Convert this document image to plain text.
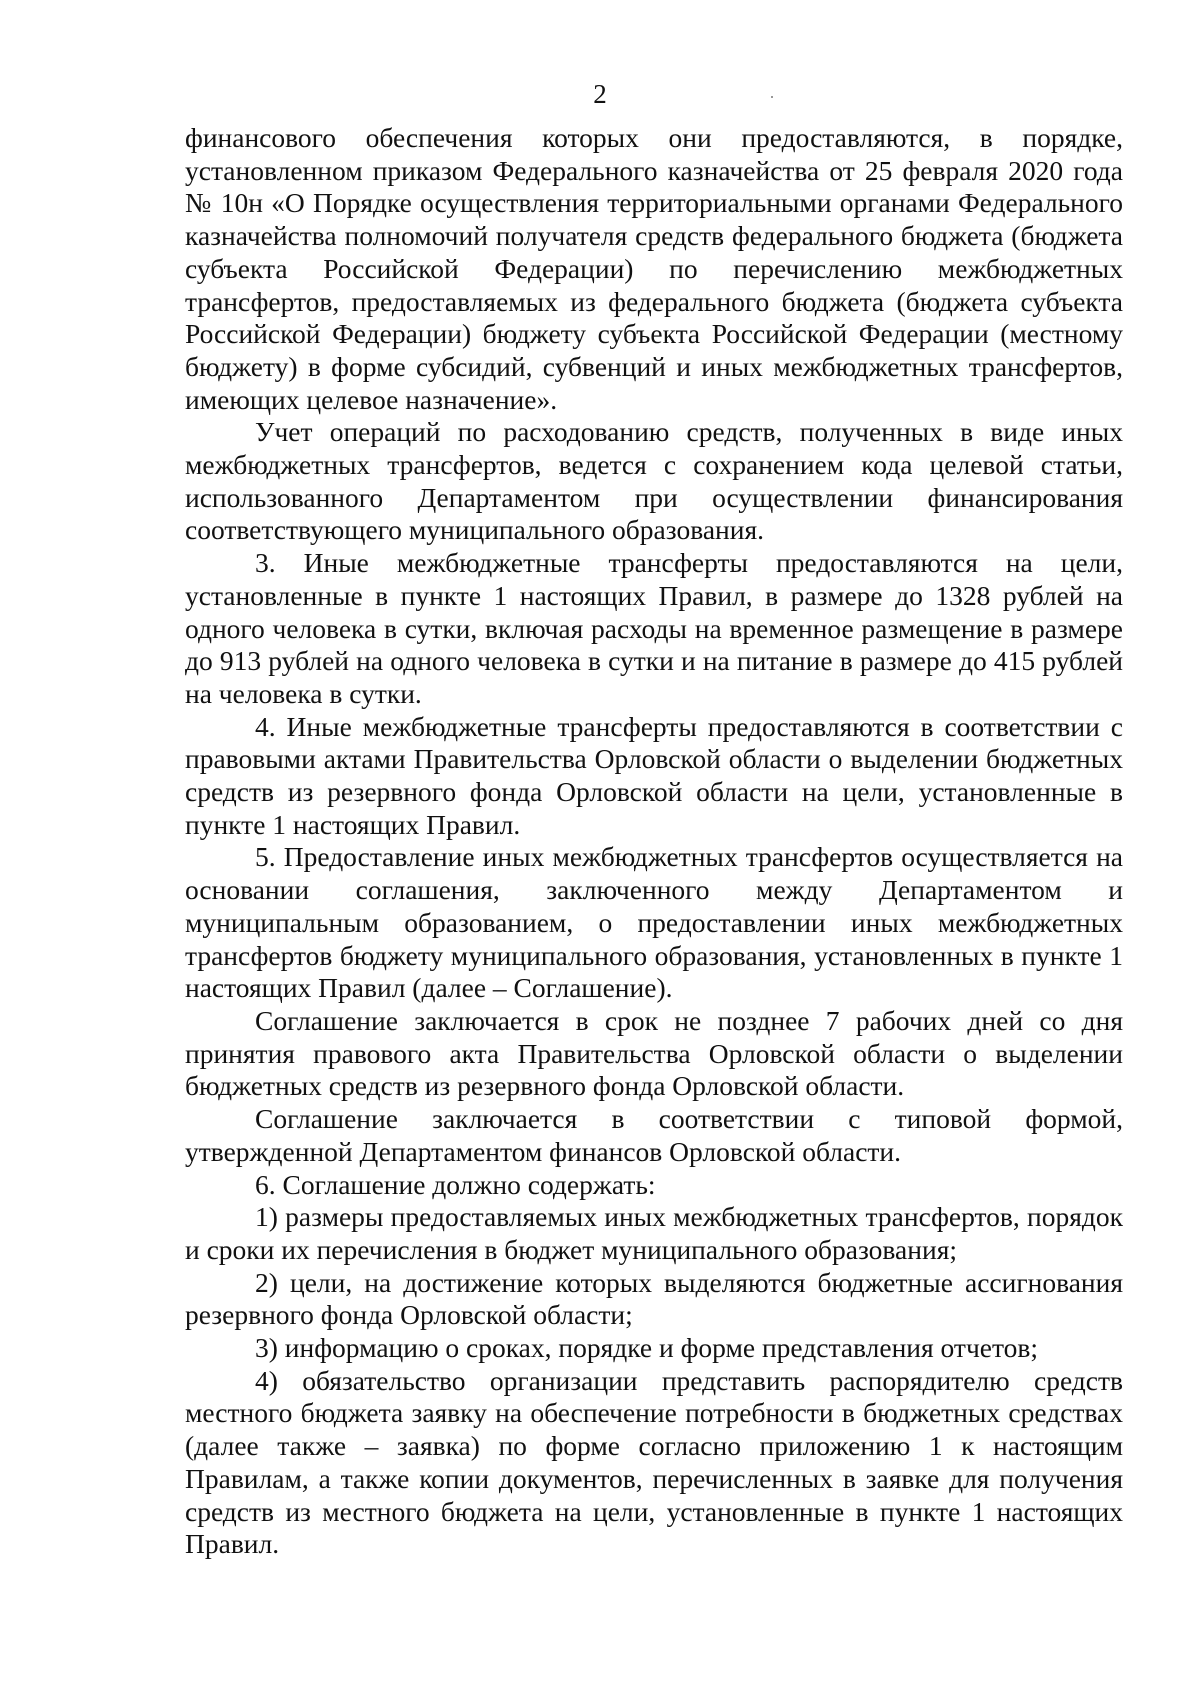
2

финансового обеспечения которых они предоставляются, в порядке, установленном приказом Федерального казначейства от 25 февраля 2020 года № 10н «О Порядке осуществления территориальными органами Федерального казначейства полномочий получателя средств федерального бюджета (бюджета субъекта Российской Федерации) по перечислению межбюджетных трансфертов, предоставляемых из федерального бюджета (бюджета субъекта Российской Федерации) бюджету субъекта Российской Федерации (местному бюджету) в форме субсидий, субвенций и иных межбюджетных трансфертов, имеющих целевое назначение».

Учет операций по расходованию средств, полученных в виде иных межбюджетных трансфертов, ведется с сохранением кода целевой статьи, использованного Департаментом при осуществлении финансирования соответствующего муниципального образования.

3. Иные межбюджетные трансферты предоставляются на цели, установленные в пункте 1 настоящих Правил, в размере до 1328 рублей на одного человека в сутки, включая расходы на временное размещение в размере до 913 рублей на одного человека в сутки и на питание в размере до 415 рублей на человека в сутки.

4. Иные межбюджетные трансферты предоставляются в соответствии с правовыми актами Правительства Орловской области о выделении бюджетных средств из резервного фонда Орловской области на цели, установленные в пункте 1 настоящих Правил.

5. Предоставление иных межбюджетных трансфертов осуществляется на основании соглашения, заключенного между Департаментом и муниципальным образованием, о предоставлении иных межбюджетных трансфертов бюджету муниципального образования, установленных в пункте 1 настоящих Правил (далее – Соглашение).

Соглашение заключается в срок не позднее 7 рабочих дней со дня принятия правового акта Правительства Орловской области о выделении бюджетных средств из резервного фонда Орловской области.

Соглашение заключается в соответствии с типовой формой, утвержденной Департаментом финансов Орловской области.

6. Соглашение должно содержать:

1) размеры предоставляемых иных межбюджетных трансфертов, порядок и сроки их перечисления в бюджет муниципального образования;

2) цели, на достижение которых выделяются бюджетные ассигнования резервного фонда Орловской области;

3) информацию о сроках, порядке и форме представления отчетов;

4) обязательство организации представить распорядителю средств местного бюджета заявку на обеспечение потребности в бюджетных средствах (далее также – заявка) по форме согласно приложению 1 к настоящим Правилам, а также копии документов, перечисленных в заявке для получения средств из местного бюджета на цели, установленные в пункте 1 настоящих Правил.
